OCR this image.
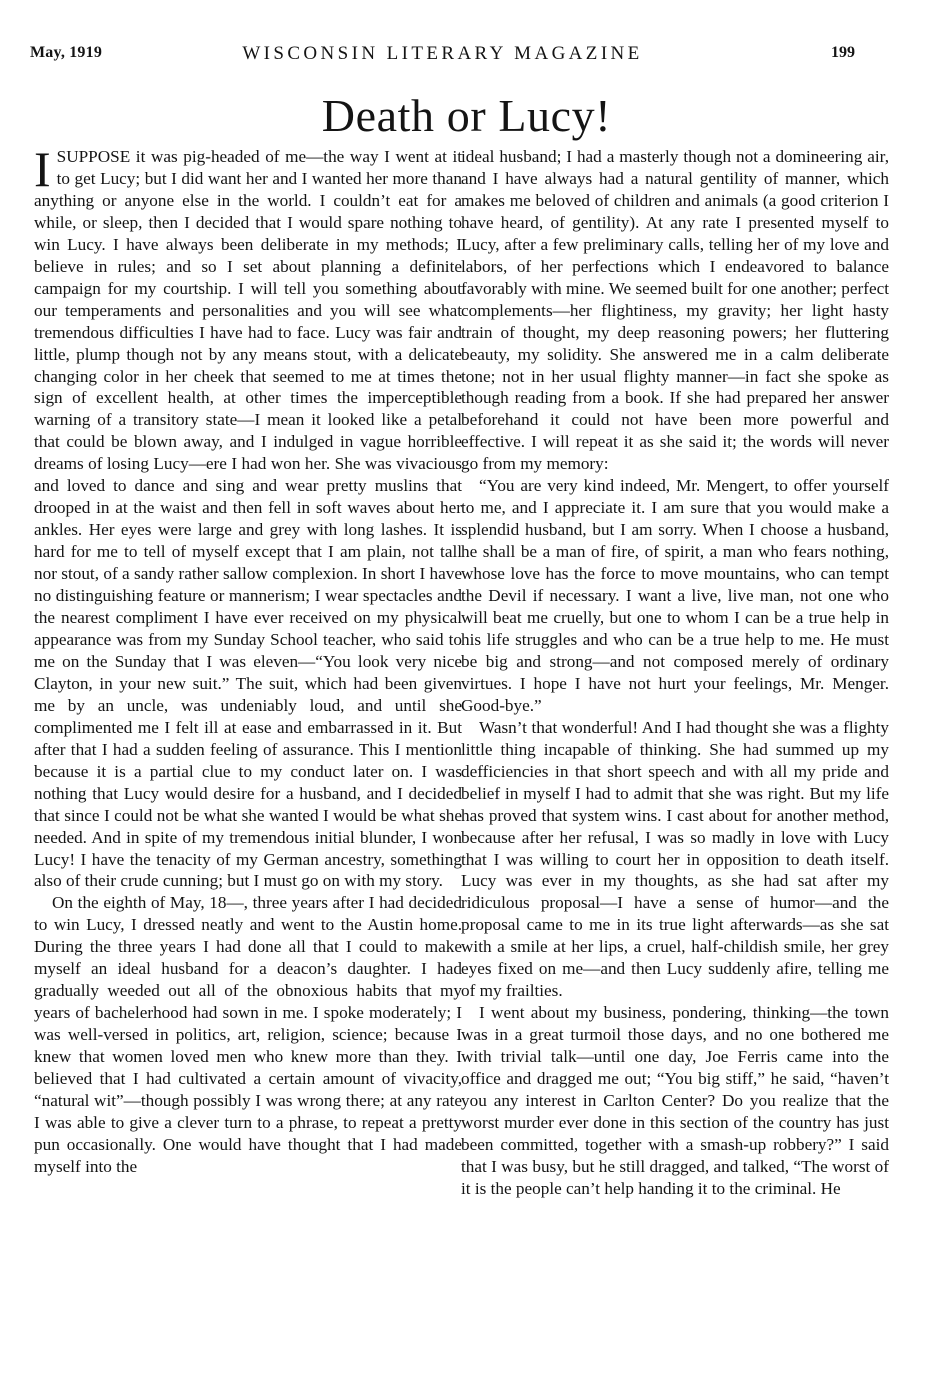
May, 1919	WISCONSIN LITERARY MAGAZINE	199
Death or Lucy!

ISUPPOSE it was pig-headed of me—the way I went at it to get Lucy; but I did want her and I wanted her more than anything or anyone else in the world. I couldn’t eat for a while, or sleep, then I decided that I would spare nothing to win Lucy. I have always been deliberate in my methods; I believe in rules; and so I set about planning a definite campaign for my courtship. I will tell you something about our temperaments and personalities and you will see what tremendous difficulties I have had to face. Lucy was fair and little, plump though not by any means stout, with a delicate changing color in her cheek that seemed to me at times the sign of excellent health, at other times the imperceptible warning of a transitory state—I mean it looked like a petal that could be blown away, and I indulged in vague horrible dreams of losing Lucy—ere I had won her. She was vivacious and loved to dance and sing and wear pretty muslins that drooped in at the waist and then fell in soft waves about her ankles. Her eyes were large and grey with long lashes. It is hard for me to tell of myself except that I am plain, not tall nor stout, of a sandy rather sallow complexion. In short I have no distinguishing feature or mannerism; I wear spectacles and the nearest compliment I have ever received on my physical appearance was from my Sunday School teacher, who said to me on the Sunday that I was eleven—“You look very nice Clayton, in your new suit.” The suit, which had been given me by an uncle, was undeniably loud, and until she complimented me I felt ill at ease and embarrassed in it. But after that I had a sudden feeling of assurance. This I mention because it is a partial clue to my conduct later on. I was nothing that Lucy would desire for a husband, and I decided that since I could not be what she wanted I would be what she needed. And in spite of my tremendous initial blunder, I won Lucy! I have the tenacity of my German ancestry, something also of their crude cunning; but I must go on with my story.

On the eighth of May, 18—, three years after I had decided to win Lucy, I dressed neatly and went to the Austin home. During the three years I had done all that I could to make myself an ideal husband for a deacon’s daughter. I had gradually weeded out all of the obnoxious habits that my years of bachelerhood had sown in me. I spoke moderately; I was well-versed in politics, art, religion, science; because I knew that women loved men who knew more than they. I believed that I had cultivated a certain amount of vivacity, “natural wit”—though possibly I was wrong there; at any rate I was able to give a clever turn to a phrase, to repeat a pretty pun occasionally. One would have thought that I had made myself into the

ideal husband; I had a masterly though not a domineering air, and I have always had a natural gentility of manner, which makes me beloved of children and animals (a good criterion I have heard, of gentility). At any rate I presented myself to Lucy, after a few preliminary calls, telling her of my love and labors, of her perfections which I endeavored to balance favorably with mine. We seemed built for one another; perfect complements—her flightiness, my gravity; her light hasty train of thought, my deep reasoning powers; her fluttering beauty, my solidity. She answered me in a calm deliberate tone; not in her usual flighty manner—in fact she spoke as though reading from a book. If she had prepared her answer beforehand it could not have been more powerful and effective. I will repeat it as she said it; the words will never go from my memory:

“You are very kind indeed, Mr. Mengert, to offer yourself to me, and I appreciate it. I am sure that you would make a splendid husband, but I am sorry. When I choose a husband, he shall be a man of fire, of spirit, a man who fears nothing, whose love has the force to move mountains, who can tempt the Devil if necessary. I want a live, live man, not one who will beat me cruelly, but one to whom I can be a true help in his life struggles and who can be a true help to me. He must be big and strong—and not composed merely of ordinary virtues. I hope I have not hurt your feelings, Mr. Menger. Good-bye.”

Wasn’t that wonderful! And I had thought she was a flighty little thing incapable of thinking. She had summed up my defficiencies in that short speech and with all my pride and belief in myself I had to admit that she was right. But my life has proved that system wins. I cast about for another method, because after her refusal, I was so madly in love with Lucy that I was willing to court her in opposition to death itself. Lucy was ever in my thoughts, as she had sat after my ridiculous proposal—I have a sense of humor—and the proposal came to me in its true light afterwards—as she sat with a smile at her lips, a cruel, half-childish smile, her grey eyes fixed on me—and then Lucy suddenly afire, telling me of my frailties.

I went about my business, pondering, thinking—the town was in a great turmoil those days, and no one bothered me with trivial talk—until one day, Joe Ferris came into the office and dragged me out; “You big stiff,” he said, “haven’t you any interest in Carlton Center? Do you realize that the worst murder ever done in this section of the country has just been committed, together with a smash-up robbery?” I said that I was busy, but he still dragged, and talked, “The worst of it is the people can’t help handing it to the criminal. He
